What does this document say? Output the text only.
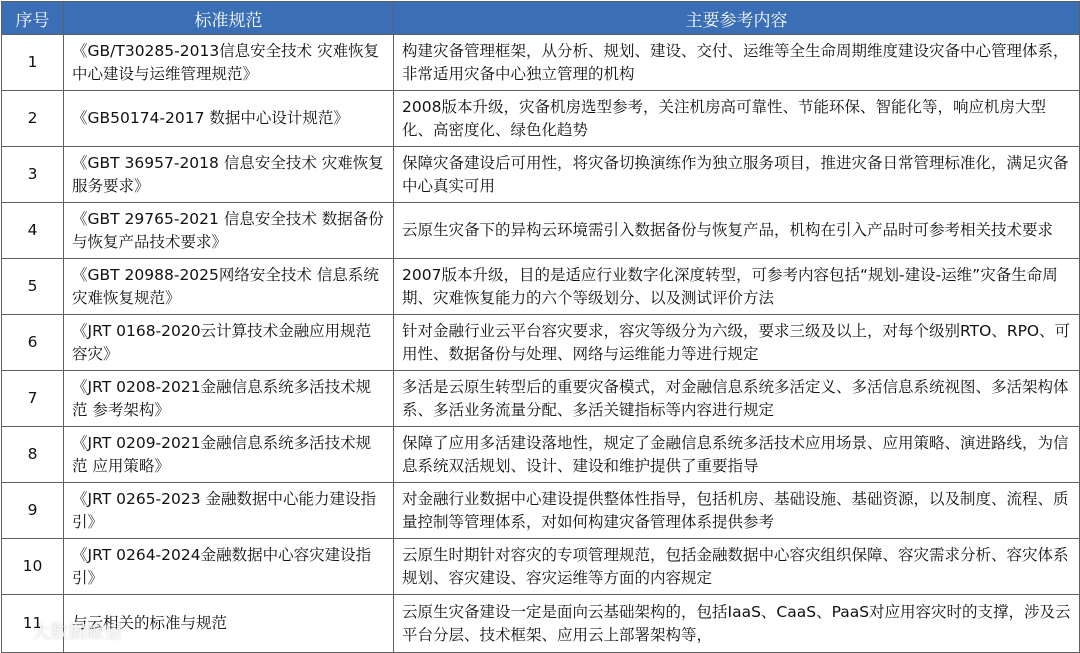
序号	标准规范	主要参考内容
1	《GB/T30285-2013信息安全技术 灾难恢复中心建设与运维管理规范》	构建灾备管理框架，从分析、规划、建设、交付、运维等全生命周期维度建设灾备中心管理体系，非常适用灾备中心独立管理的机构
2	《GB50174-2017 数据中心设计规范》	2008版本升级，灾备机房选型参考，关注机房高可靠性、节能环保、智能化等，响应机房大型化、高密度化、绿色化趋势
3	《GBT 36957-2018 信息安全技术 灾难恢复服务要求》	保障灾备建设后可用性，将灾备切换演练作为独立服务项目，推进灾备日常管理标准化，满足灾备中心真实可用
4	《GBT 29765-2021 信息安全技术 数据备份与恢复产品技术要求》	云原生灾备下的异构云环境需引入数据备份与恢复产品，机构在引入产品时可参考相关技术要求
5	《GBT 20988-2025网络安全技术 信息系统灾难恢复规范》	2007版本升级，目的是适应行业数字化深度转型，可参考内容包括“规划-建设-运维”灾备生命周期、灾难恢复能力的六个等级划分、以及测试评价方法
6	《JRT 0168-2020云计算技术金融应用规范 容灾》	针对金融行业云平台容灾要求，容灾等级分为六级，要求三级及以上，对每个级别RTO、RPO、可用性、数据备份与处理、网络与运维能力等进行规定
7	《JRT 0208-2021金融信息系统多活技术规范 参考架构》	多活是云原生转型后的重要灾备模式，对金融信息系统多活定义、多活信息系统视图、多活架构体系、多活业务流量分配、多活关键指标等内容进行规定
8	《JRT 0209-2021金融信息系统多活技术规范 应用策略》	保障了应用多活建设落地性，规定了金融信息系统多活技术应用场景、应用策略、演进路线，为信息系统双活规划、设计、建设和维护提供了重要指导
9	《JRT 0265-2023 金融数据中心能力建设指引》	对金融行业数据中心建设提供整体性指导，包括机房、基础设施、基础资源，以及制度、流程、质量控制等管理体系，对如何构建灾备管理体系提供参考
10	《JRT 0264-2024金融数据中心容灾建设指引》	云原生时期针对容灾的专项管理规范，包括金融数据中心容灾组织保障、容灾需求分析、容灾体系规划、容灾建设、容灾运维等方面的内容规定
11	与云相关的标准与规范	云原生灾备建设一定是面向云基础架构的，包括IaaS、CaaS、PaaS对应用容灾时的支撑，涉及云平台分层、技术框架、应用云上部署架构等，
大数据瞭望
